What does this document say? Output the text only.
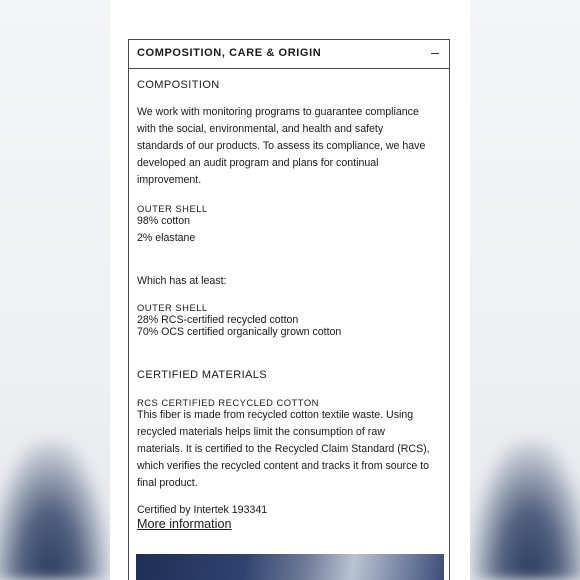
COMPOSITION, CARE & ORIGIN
COMPOSITION
We work with monitoring programs to guarantee compliance
with the social, environmental, and health and safety
standards of our products. To assess its compliance, we have
developed an audit program and plans for continual
improvement.
OUTER SHELL
98% cotton
2% elastane
Which has at least:
OUTER SHELL
28% RCS-certified recycled cotton
70% OCS certified organically grown cotton
CERTIFIED MATERIALS
RCS CERTIFIED RECYCLED COTTON
This fiber is made from recycled cotton textile waste. Using
recycled materials helps limit the consumption of raw
materials. It is certified to the Recycled Claim Standard (RCS),
which verifies the recycled content and tracks it from source to
final product.
Certified by Intertek 193341
More information
